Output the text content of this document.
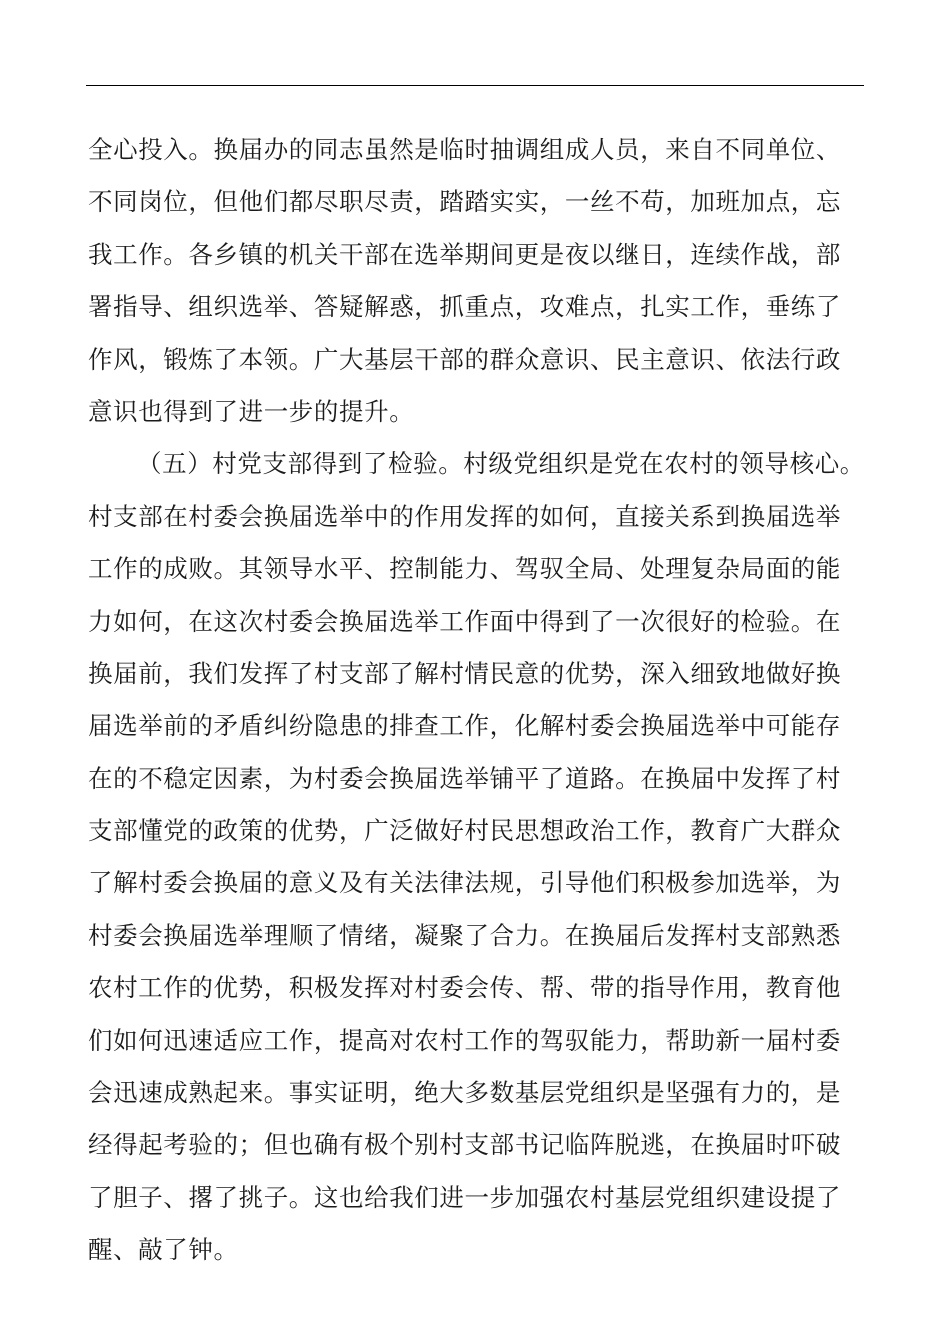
全心投入。换届办的同志虽然是临时抽调组成人员，来自不同单位、
不同岗位，但他们都尽职尽责，踏踏实实，一丝不苟，加班加点，忘
我工作。各乡镇的机关干部在选举期间更是夜以继日，连续作战，部
署指导、组织选举、答疑解惑，抓重点，攻难点，扎实工作，垂练了
作风，锻炼了本领。广大基层干部的群众意识、民主意识、依法行政
意识也得到了进一步的提升。
（五）村党支部得到了检验。村级党组织是党在农村的领导核心。
村支部在村委会换届选举中的作用发挥的如何，直接关系到换届选举
工作的成败。其领导水平、控制能力、驾驭全局、处理复杂局面的能
力如何，在这次村委会换届选举工作面中得到了一次很好的检验。在
换届前，我们发挥了村支部了解村情民意的优势，深入细致地做好换
届选举前的矛盾纠纷隐患的排查工作，化解村委会换届选举中可能存
在的不稳定因素，为村委会换届选举铺平了道路。在换届中发挥了村
支部懂党的政策的优势，广泛做好村民思想政治工作，教育广大群众
了解村委会换届的意义及有关法律法规，引导他们积极参加选举，为
村委会换届选举理顺了情绪，凝聚了合力。在换届后发挥村支部熟悉
农村工作的优势，积极发挥对村委会传、帮、带的指导作用，教育他
们如何迅速适应工作，提高对农村工作的驾驭能力，帮助新一届村委
会迅速成熟起来。事实证明，绝大多数基层党组织是坚强有力的，是
经得起考验的；但也确有极个别村支部书记临阵脱逃，在换届时吓破
了胆子、撂了挑子。这也给我们进一步加强农村基层党组织建设提了
醒、敲了钟。
